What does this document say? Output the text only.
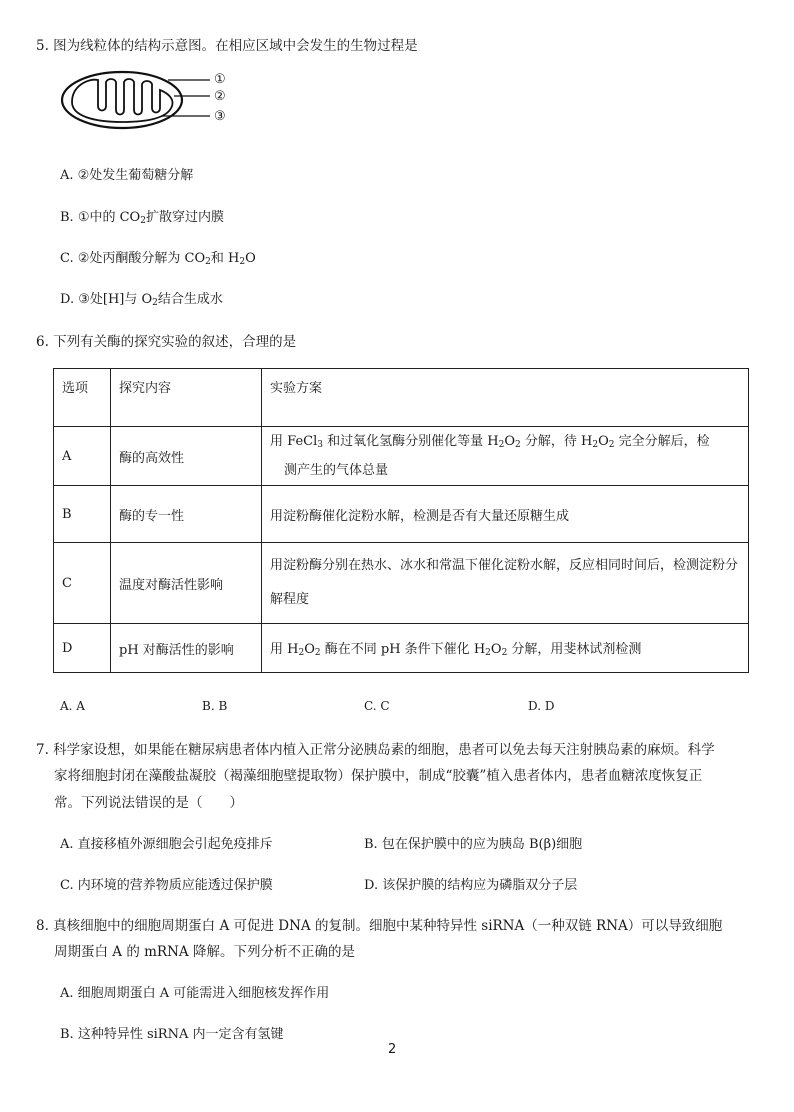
5. 图为线粒体的结构示意图。在相应区域中会发生的生物过程是
①
②
③
A. ②处发生葡萄糖分解
B. ①中的 $CO_2$扩散穿过内膜
C. ②处丙酮酸分解为 $CO_2$和 $H_2O$
D. ③处[H]与 $O_2$结合生成水
6. 下列有关酶的探究实验的叙述，合理的是
选项	探究内容	实验方案
A	酶的高效性	用 FeCl$_3$ 和过氧化氢酶分别催化等量 $H_2O_2$ 分解，待 $H_2O_2$ 完全分解后，检
测产生的气体总量

B	酶的专一性	用淀粉酶催化淀粉水解，检测是否有大量还原糖生成
C	温度对酶活性影响	用淀粉酶分别在热水、冰水和常温下催化淀粉水解，反应相同时间后，检测淀粉分解程度

D	pH 对酶活性的影响	用 $H_2O_2$ 酶在不同 pH 条件下催化 $H_2O_2$ 分解，用斐林试剂检测
A. A	B. B	C. C	D. D
7. 科学家设想，如果能在糖尿病患者体内植入正常分泌胰岛素的细胞，患者可以免去每天注射胰岛素的麻烦。科学
家将细胞封闭在藻酸盐凝胶（褐藻细胞壁提取物）保护膜中，制成“胶囊”植入患者体内，患者血糖浓度恢复正
常。下列说法错误的是（　　）
A. 直接移植外源细胞会引起免疫排斥	B. 包在保护膜中的应为胰岛 B(β)细胞
C. 内环境的营养物质应能透过保护膜	D. 该保护膜的结构应为磷脂双分子层
8. 真核细胞中的细胞周期蛋白 A 可促进 DNA 的复制。细胞中某种特异性 siRNA（一种双链 RNA）可以导致细胞
周期蛋白 A 的 mRNA 降解。下列分析不正确的是
A. 细胞周期蛋白 A 可能需进入细胞核发挥作用
B. 这种特异性 siRNA 内一定含有氢键
2
